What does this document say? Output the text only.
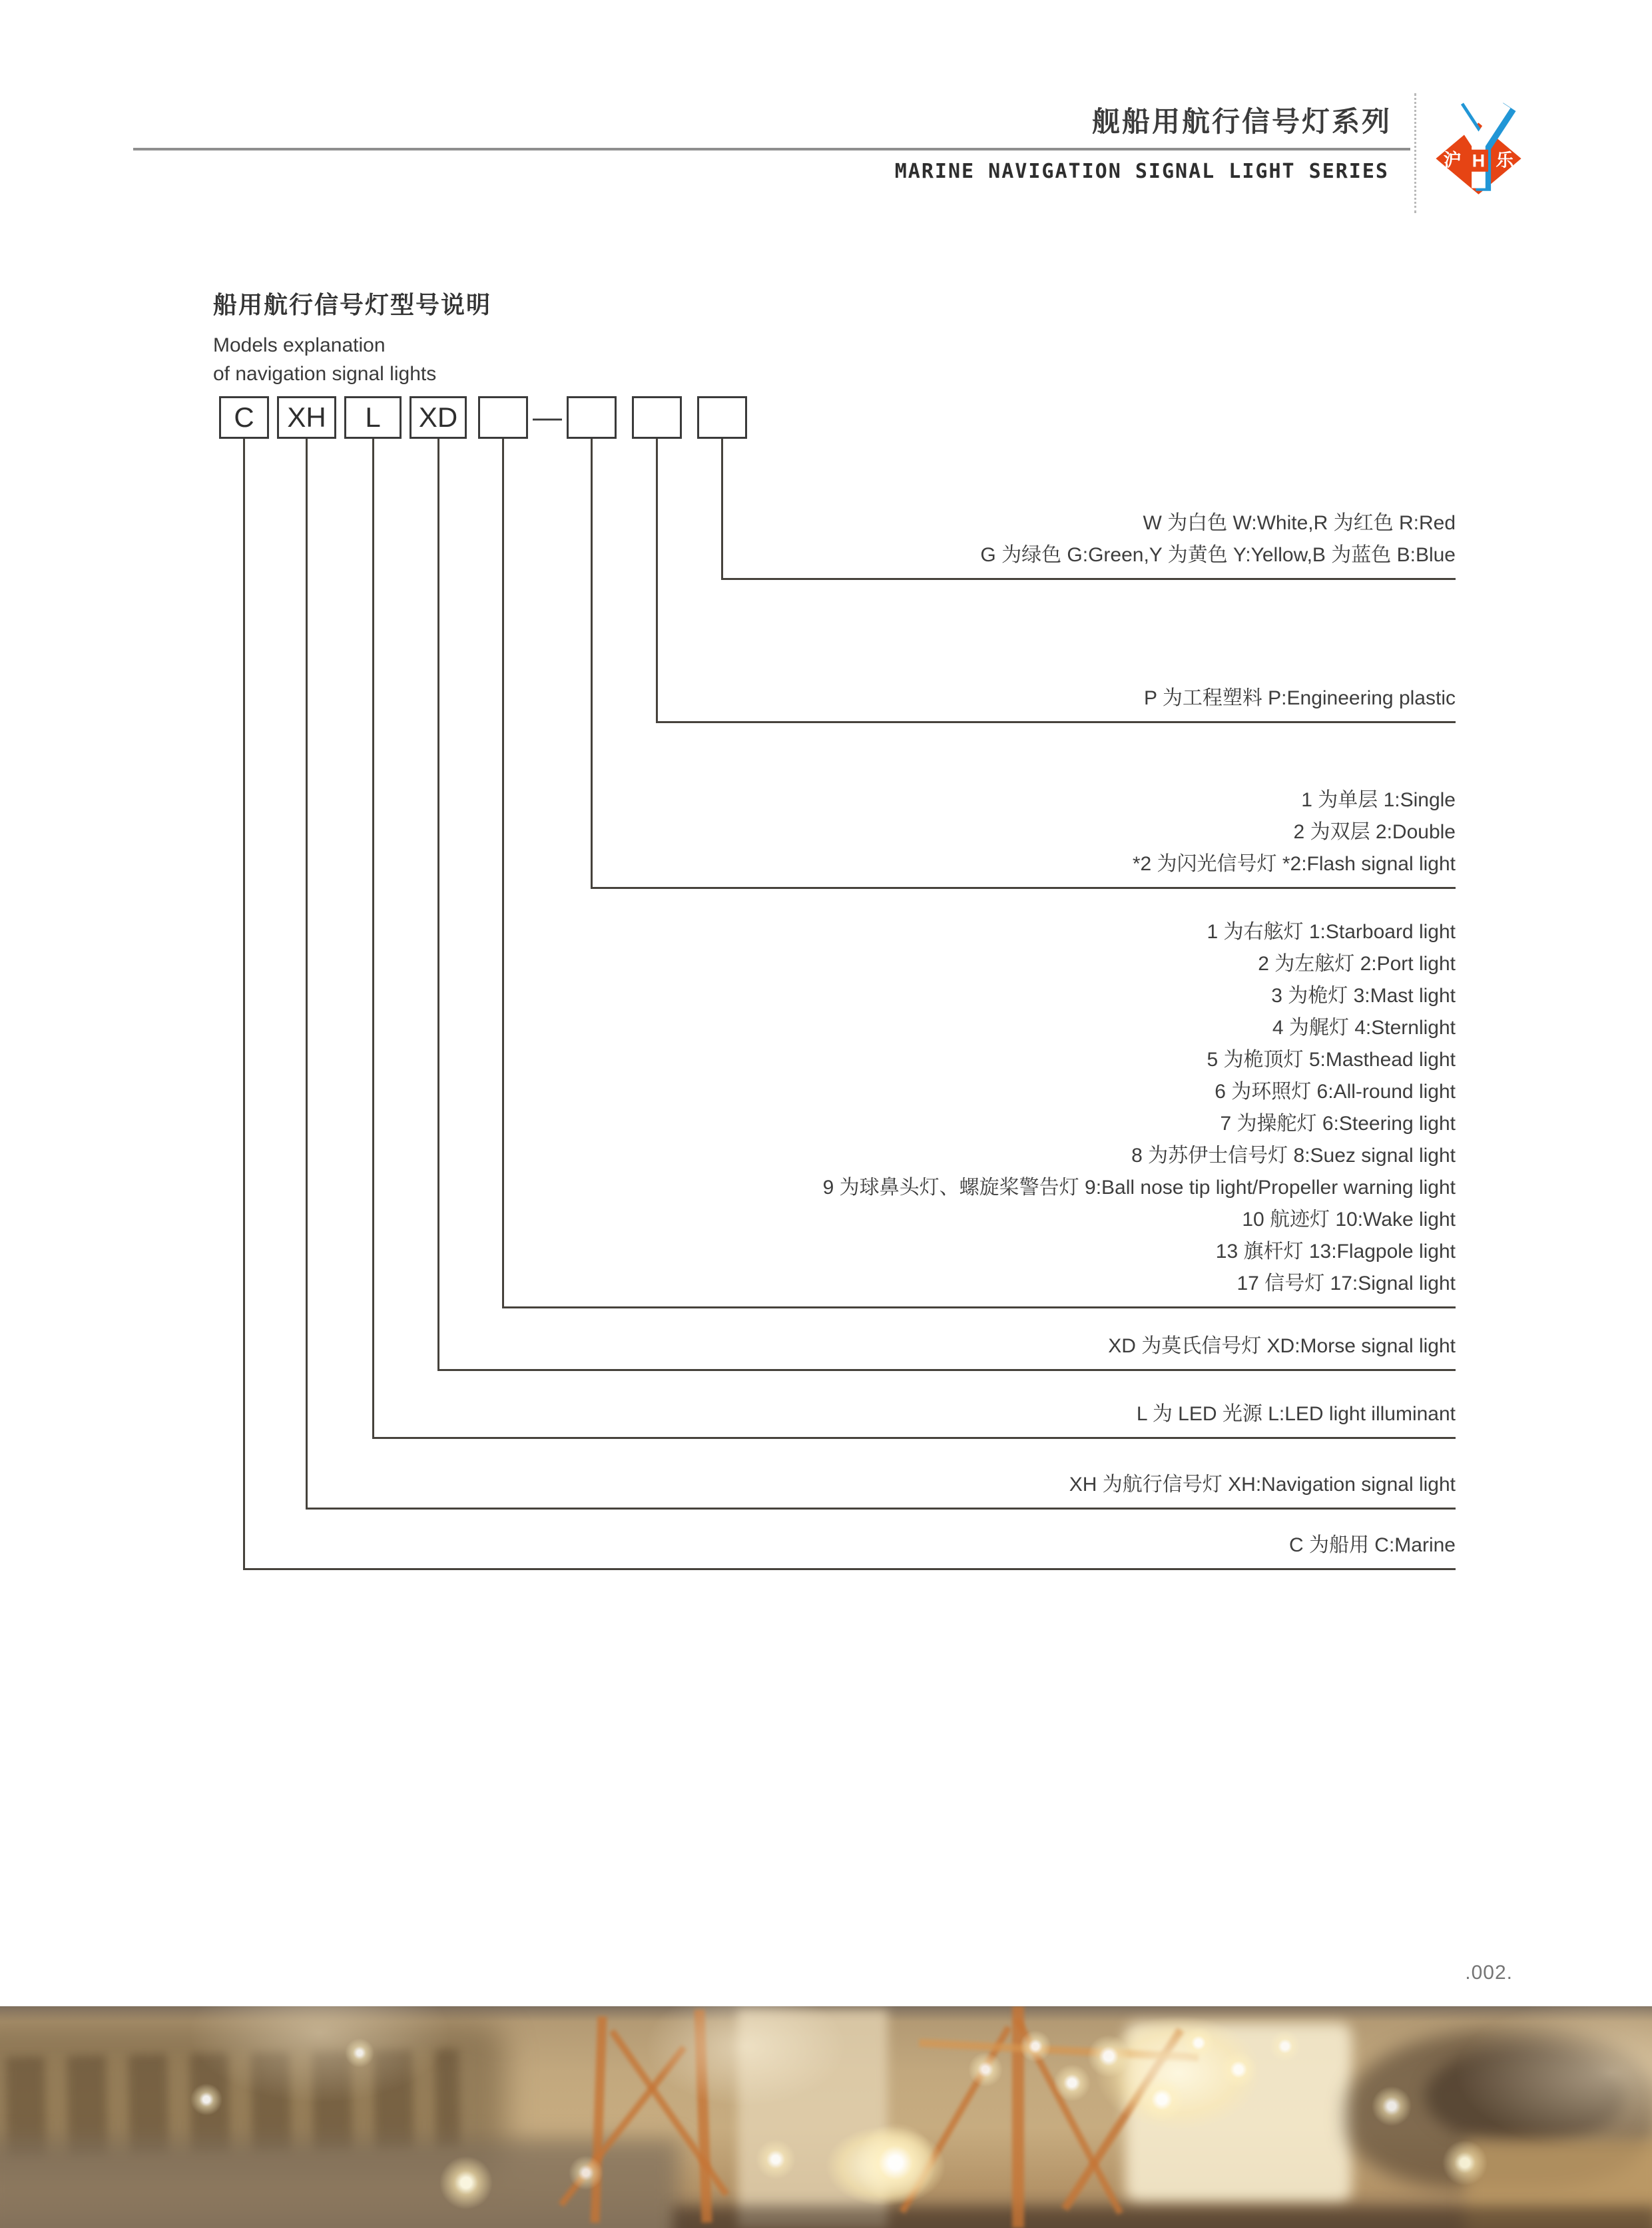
舰船用航行信号灯系列
MARINE NAVIGATION SIGNAL LIGHT SERIES	沪 H 乐
船用航行信号灯型号说明
Models explanation
of navigation signal lights
—
C	XH	L	XD
C 为船用 C:Marine
XH 为航行信号灯 XH:Navigation signal light
L 为 LED 光源 L:LED light illuminant
XD 为莫氏信号灯 XD:Morse signal light
1 为右舷灯 1:Starboard light
2 为左舷灯 2:Port light
3 为桅灯 3:Mast light
4 为艉灯 4:Sternlight
5 为桅顶灯 5:Masthead light
6 为环照灯 6:All-round light
7 为操舵灯 6:Steering light
8 为苏伊士信号灯 8:Suez signal light
9 为球鼻头灯、螺旋桨警告灯 9:Ball nose tip light/Propeller warning light
10 航迹灯 10:Wake light
13 旗杆灯 13:Flagpole light
17 信号灯 17:Signal light
1 为单层 1:Single
2 为双层 2:Double
*2 为闪光信号灯 *2:Flash signal light
P 为工程塑料 P:Engineering plastic
W 为白色 W:White,R 为红色 R:Red
G 为绿色 G:Green,Y 为黄色 Y:Yellow,B 为蓝色 B:Blue
.002.
